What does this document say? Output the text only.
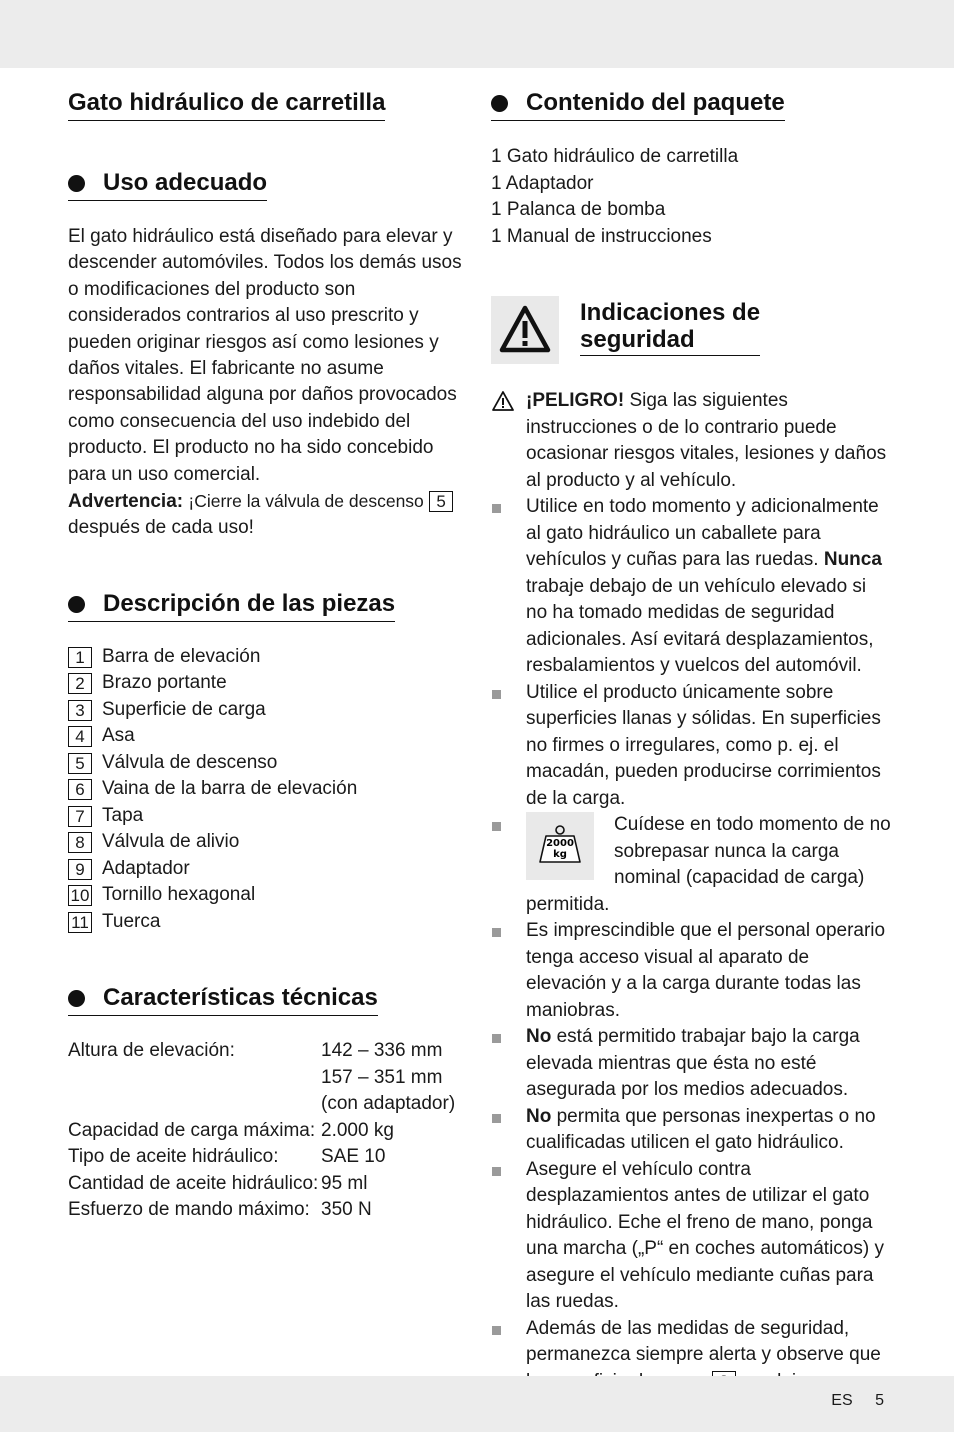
Gato hidráulico de carretilla
Uso adecuado

El gato hidráulico está diseñado para elevar y descender automóviles. Todos los demás usos o modificaciones del producto son considerados contrarios al uso prescrito y pueden originar riesgos así como lesiones y daños vitales. El fabricante no asume responsabilidad alguna por daños provocados como consecuencia del uso indebido del producto. El producto no ha sido concebido para un uso comercial.
Advertencia: ¡Cierre la válvula de descenso 5
después de cada uso!

Descripción de las piezas
1 Barra de elevación
2 Brazo portante
3 Superficie de carga
4 Asa
5 Válvula de descenso
6 Vaina de la barra de elevación
7 Tapa
8 Válvula de alivio
9 Adaptador
10 Tornillo hexagonal
11 Tuerca
Características técnicas
Altura de elevación:	142 – 336 mm
157 – 351 mm
(con adaptador)
Capacidad de carga máxima: 2.000 kg
Tipo de aceite hidráulico:	SAE 10
Cantidad de aceite hidráulico: 95 ml
Esfuerzo de mando máximo: 350 N
Contenido del paquete

1 Gato hidráulico de carretilla

1 Adaptador

1 Palanca de bomba

1 Manual de instrucciones

Indicaciones de
seguridad
¡PELIGRO! Siga las siguientes instrucciones o de lo contrario puede ocasionar riesgos vitales, lesiones y daños al producto y al vehículo.
Utilice en todo momento y adicionalmente al gato hidráulico un caballete para vehículos y cuñas para las ruedas. Nunca trabaje debajo de un vehículo elevado si no ha tomado medidas de seguridad adicionales. Así evitará desplazamientos, resbalamientos y vuelcos del automóvil.
Utilice el producto únicamente sobre superficies llanas y sólidas. En superficies no firmes o irregulares, como p. ej. el macadán, pueden producirse corrimientos de la carga.
2000
kg
Cuídese en todo momento de no sobrepasar nunca la carga nominal (capacidad de carga) permitida.
Es imprescindible que el personal operario tenga acceso visual al aparato de elevación y a la carga durante todas las maniobras.
No está permitido trabajar bajo la carga elevada mientras que ésta no esté asegurada por los medios adecuados.
No permita que personas inexpertas o no cualificadas utilicen el gato hidráulico.
Asegure el vehículo contra desplazamientos antes de utilizar el gato hidráulico. Eche el freno de mano, ponga una marcha („P“ en coches automáticos) y asegure el vehículo mediante cuñas para las ruedas.
Además de las medidas de seguridad, permanezca siempre alerta y observe que
ES 5
